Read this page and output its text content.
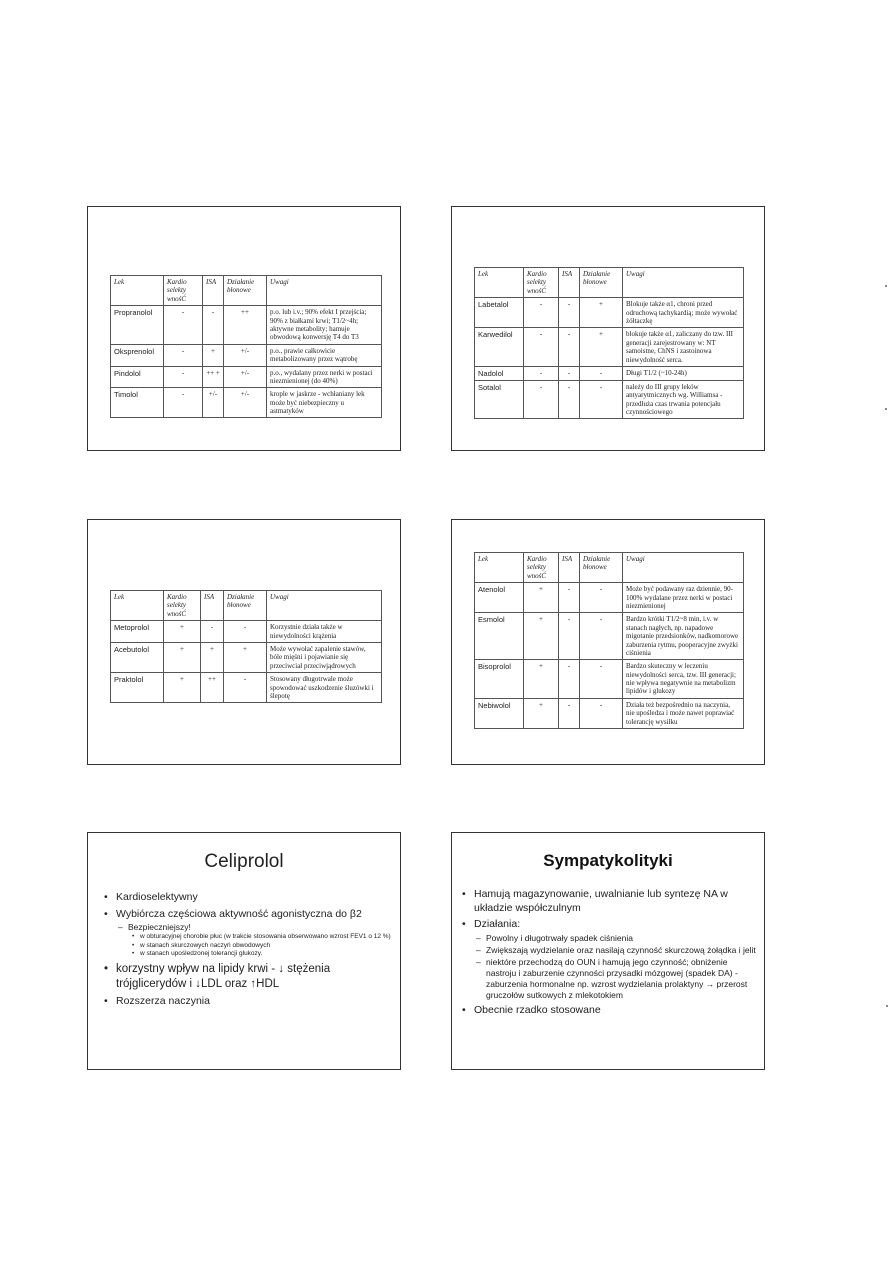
Lek	Kardio selekty wnośĆ	ISA	Działanie błonowe	Uwagi
Propranolol	-	-	++	p.o. lub i.v.; 90% efekt I przejścia; 90% z białkami krwi; T1/2~4h; aktywne metabolity; hamuje obwodową konwersję T4 do T3
Oksprenolol	-	+	+/-	p.o., prawie całkowicie metabolizowany przez wątrobę
Pindolol	-	++ +	+/-	p.o., wydalany przez nerki w postaci niezmienionej (do 40%)
Timolol	-	+/-	+/-	krople w jaskrze - wchłaniany lek może być niebezpieczny u astmatyków
Lek	Kardio selekty wnośĆ	ISA	Działanie błonowe	Uwagi
Labetalol	-	-	+	Blokuje także α1, chroni przed odruchową tachykardią; może wywołać żółtaczkę
Karwedilol	-	-	+	blokuje także α1, zaliczany do tzw. III generacji zarejestrowany w: NT samoistne, ChNS i zastoinowa niewydolność serca.
Nadolol	-	-	-	Długi T1/2 (~10-24h)
Sotalol	-	-	-	należy do III grupy leków antyarytmicznych wg. Williamsa - przedłuża czas trwania potencjału czynnościowego
Lek	Kardio selekty wnośĆ	ISA	Działanie błonowe	Uwagi
Metoprolol	+	-	-	Korzystnie działa także w niewydolności krążenia
Acebutolol	+	+	+	Może wywołać zapalenie stawów, bóle mięśni i pojawianie się przeciwciał przeciwjądrowych
Praktolol	+	++	-	Stosowany długotrwale może spowodować uszkodzenie śluzówki i ślepotę
Lek	Kardio selekty wnośĆ	ISA	Działanie błonowe	Uwagi
Atenolol	+	-	-	Może być podawany raz dziennie, 90-100% wydalane przez nerki w postaci niezmienionej
Esmolol	+	-	-	Bardzo krótki T1/2~8 min, i.v. w stanach nagłych, np. napadowe migotanie przedsionków, nadkomorowe zaburzenia rytmu, pooperacyjne zwyżki ciśnienia
Bisoprolol	+	-	-	Bardzo skuteczny w leczeniu niewydolności serca, tzw. III generacji; nie wpływa negatywnie na metabolizm lipidów i glukozy
Nebiwolol	+	-	-	Działa też bezpośrednio na naczynia, nie upośledza i może nawet poprawiać tolerancję wysiłku
Celiprolol
• Kardioselektywny
• Wybiórcza częściowa aktywność agonistyczna do β2
– Bezpieczniejszy!
• w obturacyjnej chorobie płuc (w trakcie stosowania obserwowano wzrost FEV1 o 12 %)
• w stanach skurczowych naczyń obwodowych
• w stanach upośledzonej tolerancji glukozy.
• korzystny wpływ na lipidy krwi - ↓ stężenia trójglicerydów i ↓LDL oraz ↑HDL
• Rozszerza naczynia
Sympatykolityki
• Hamują magazynowanie, uwalnianie lub syntezę NA w układzie współczulnym
• Działania:
– Powolny i długotrwały spadek ciśnienia
– Zwiększają wydzielanie oraz nasilają czynność skurczową żołądka i jelit
– niektóre przechodzą do OUN i hamują jego czynność; obniżenie nastroju i zaburzenie czynności przysadki mózgowej (spadek DA) - zaburzenia hormonalne np. wzrost wydzielania prolaktyny → przerost gruczołów sutkowych z mlekotokiem
• Obecnie rzadko stosowane
